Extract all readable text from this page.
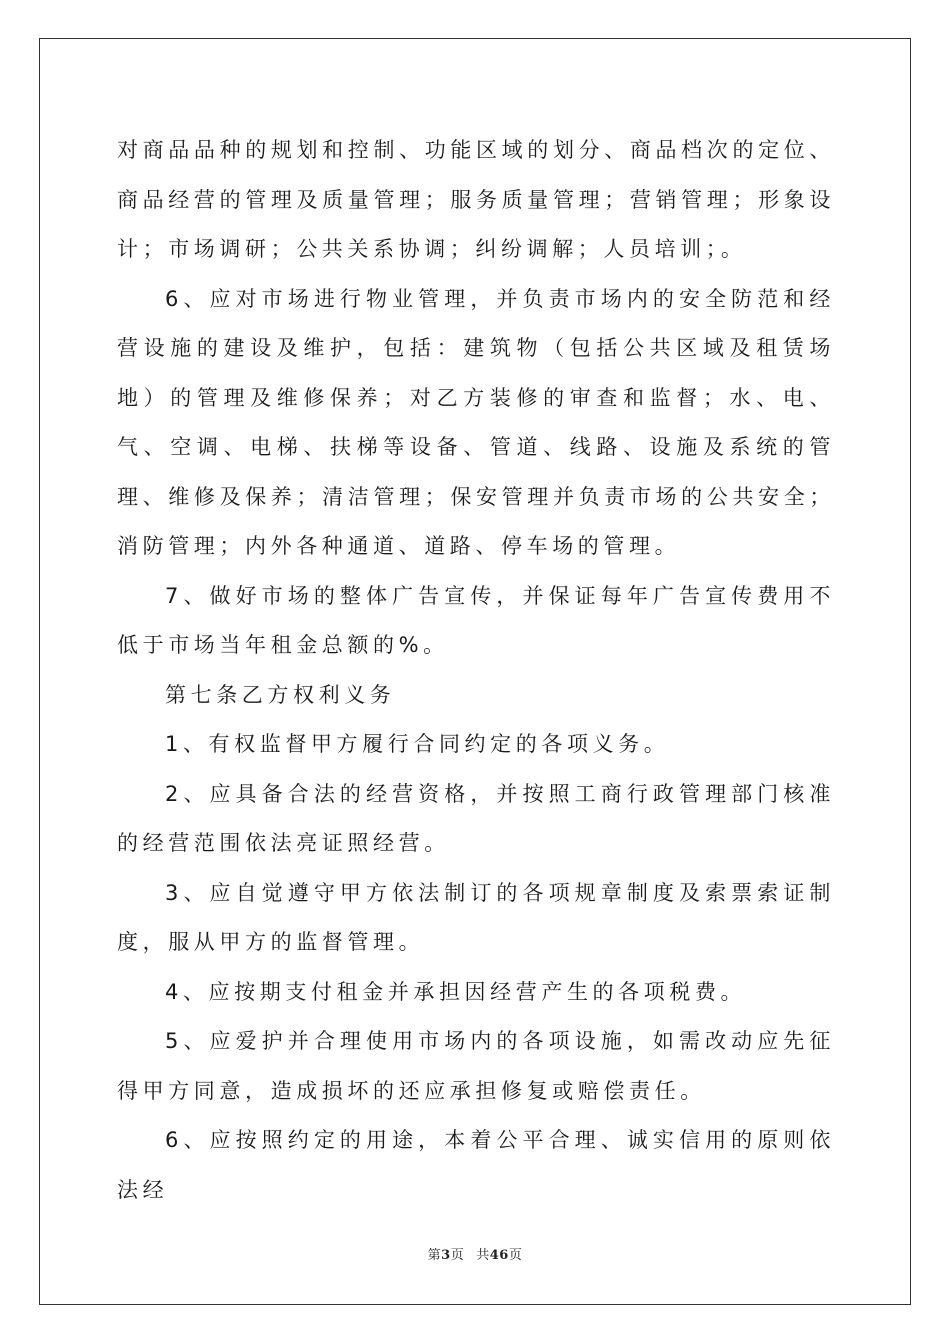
对商品品种的规划和控制、功能区域的划分、商品档次的定位、商品经营的管理及质量管理；服务质量管理；营销管理；形象设计；市场调研；公共关系协调；纠纷调解；人员培训；。

6、应对市场进行物业管理，并负责市场内的安全防范和经营设施的建设及维护，包括：建筑物（包括公共区域及租赁场地）的管理及维修保养；对乙方装修的审查和监督；水、电、气、空调、电梯、扶梯等设备、管道、线路、设施及系统的管理、维修及保养；清洁管理；保安管理并负责市场的公共安全；消防管理；内外各种通道、道路、停车场的管理。

7、做好市场的整体广告宣传，并保证每年广告宣传费用不低于市场当年租金总额的%。

第七条乙方权利义务

1、有权监督甲方履行合同约定的各项义务。

2、应具备合法的经营资格，并按照工商行政管理部门核准的经营范围依法亮证照经营。

3、应自觉遵守甲方依法制订的各项规章制度及索票索证制度，服从甲方的监督管理。

4、应按期支付租金并承担因经营产生的各项税费。

5、应爱护并合理使用市场内的各项设施，如需改动应先征得甲方同意，造成损坏的还应承担修复或赔偿责任。

6、应按照约定的用途，本着公平合理、诚实信用的原则依法经

第3页 共46页
